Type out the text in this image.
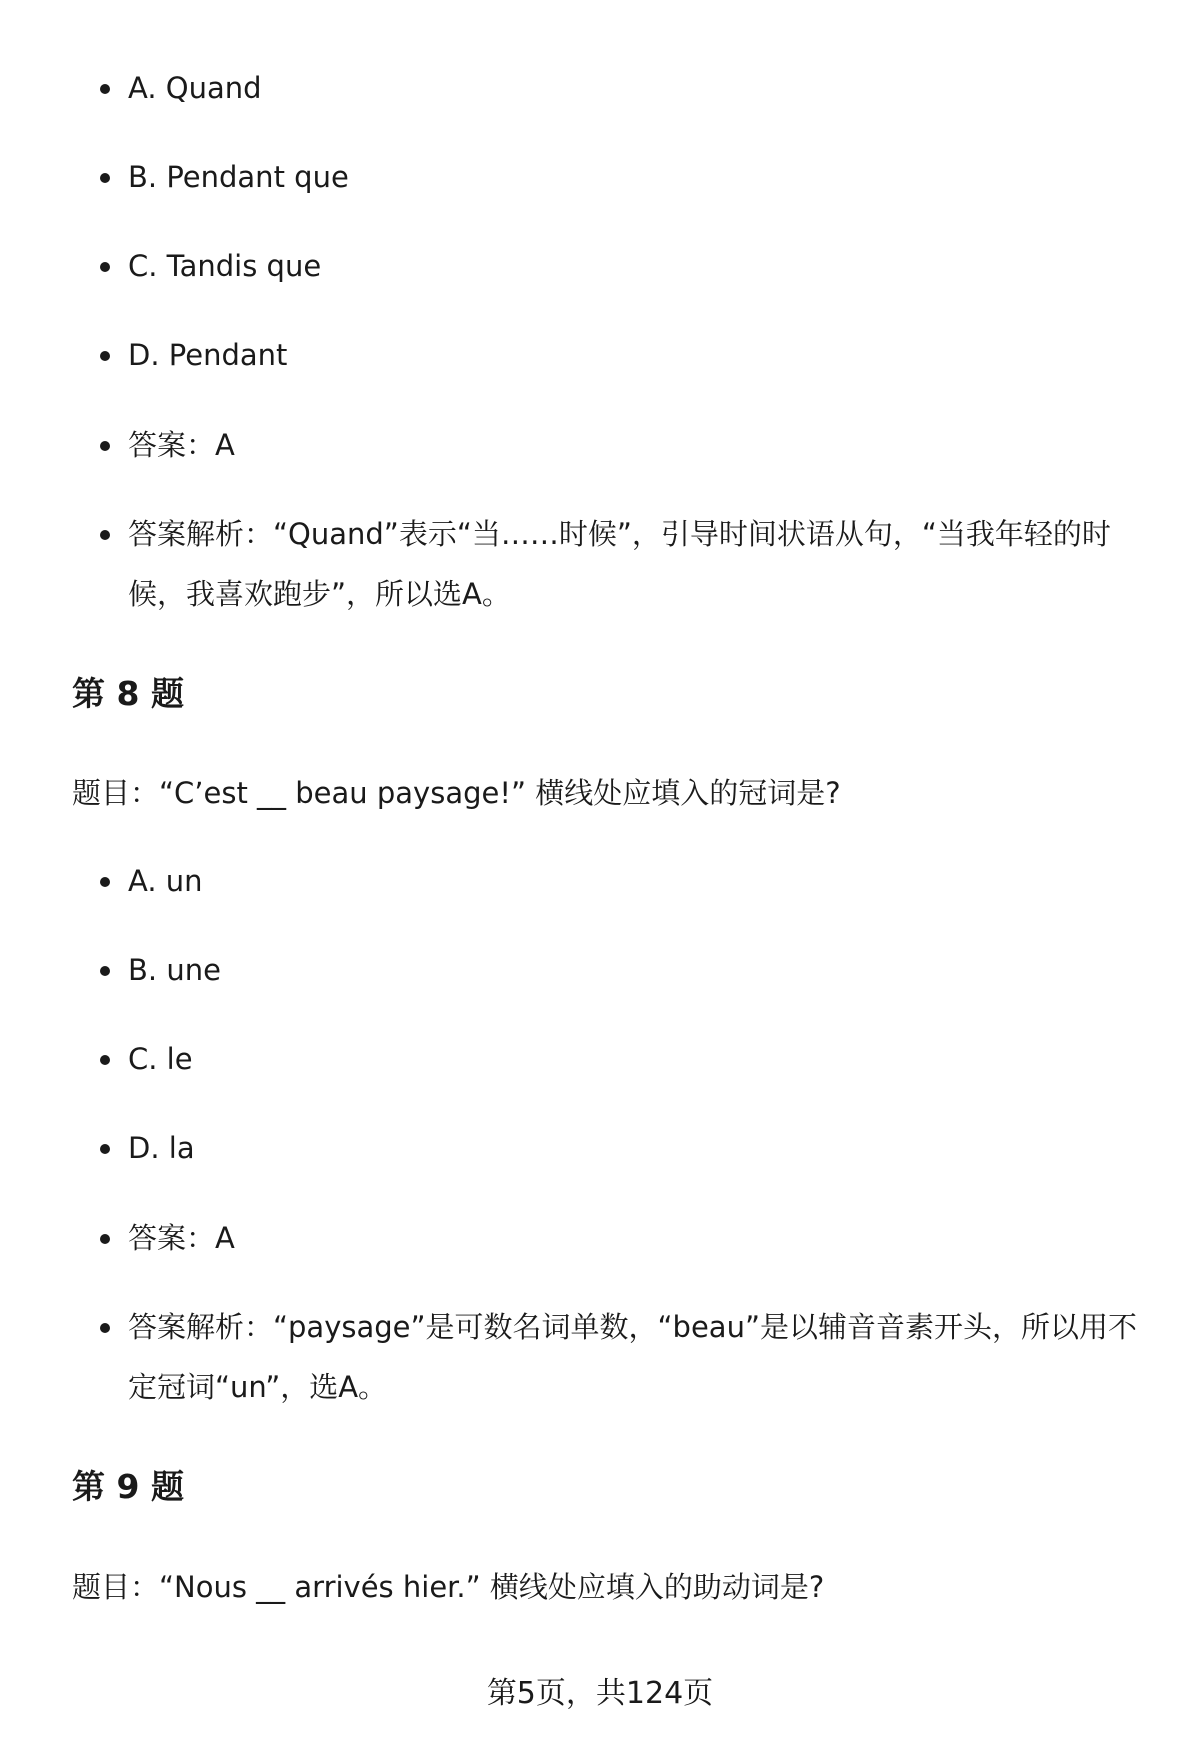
A. Quand
B. Pendant que
C. Tandis que
D. Pendant
答案：A
答案解析：“Quand”表示“当……时候”，引导时间状语从句，“当我年轻的时候，我喜欢跑步”，所以选A。
第 8 题
题目：“C’est __ beau paysage!” 横线处应填入的冠词是?
A. un
B. une
C. le
D. la
答案：A
答案解析：“paysage”是可数名词单数，“beau”是以辅音音素开头，所以用不定冠词“un”，选A。
第 9 题
题目：“Nous __ arrivés hier.” 横线处应填入的助动词是?
第5页，共124页
